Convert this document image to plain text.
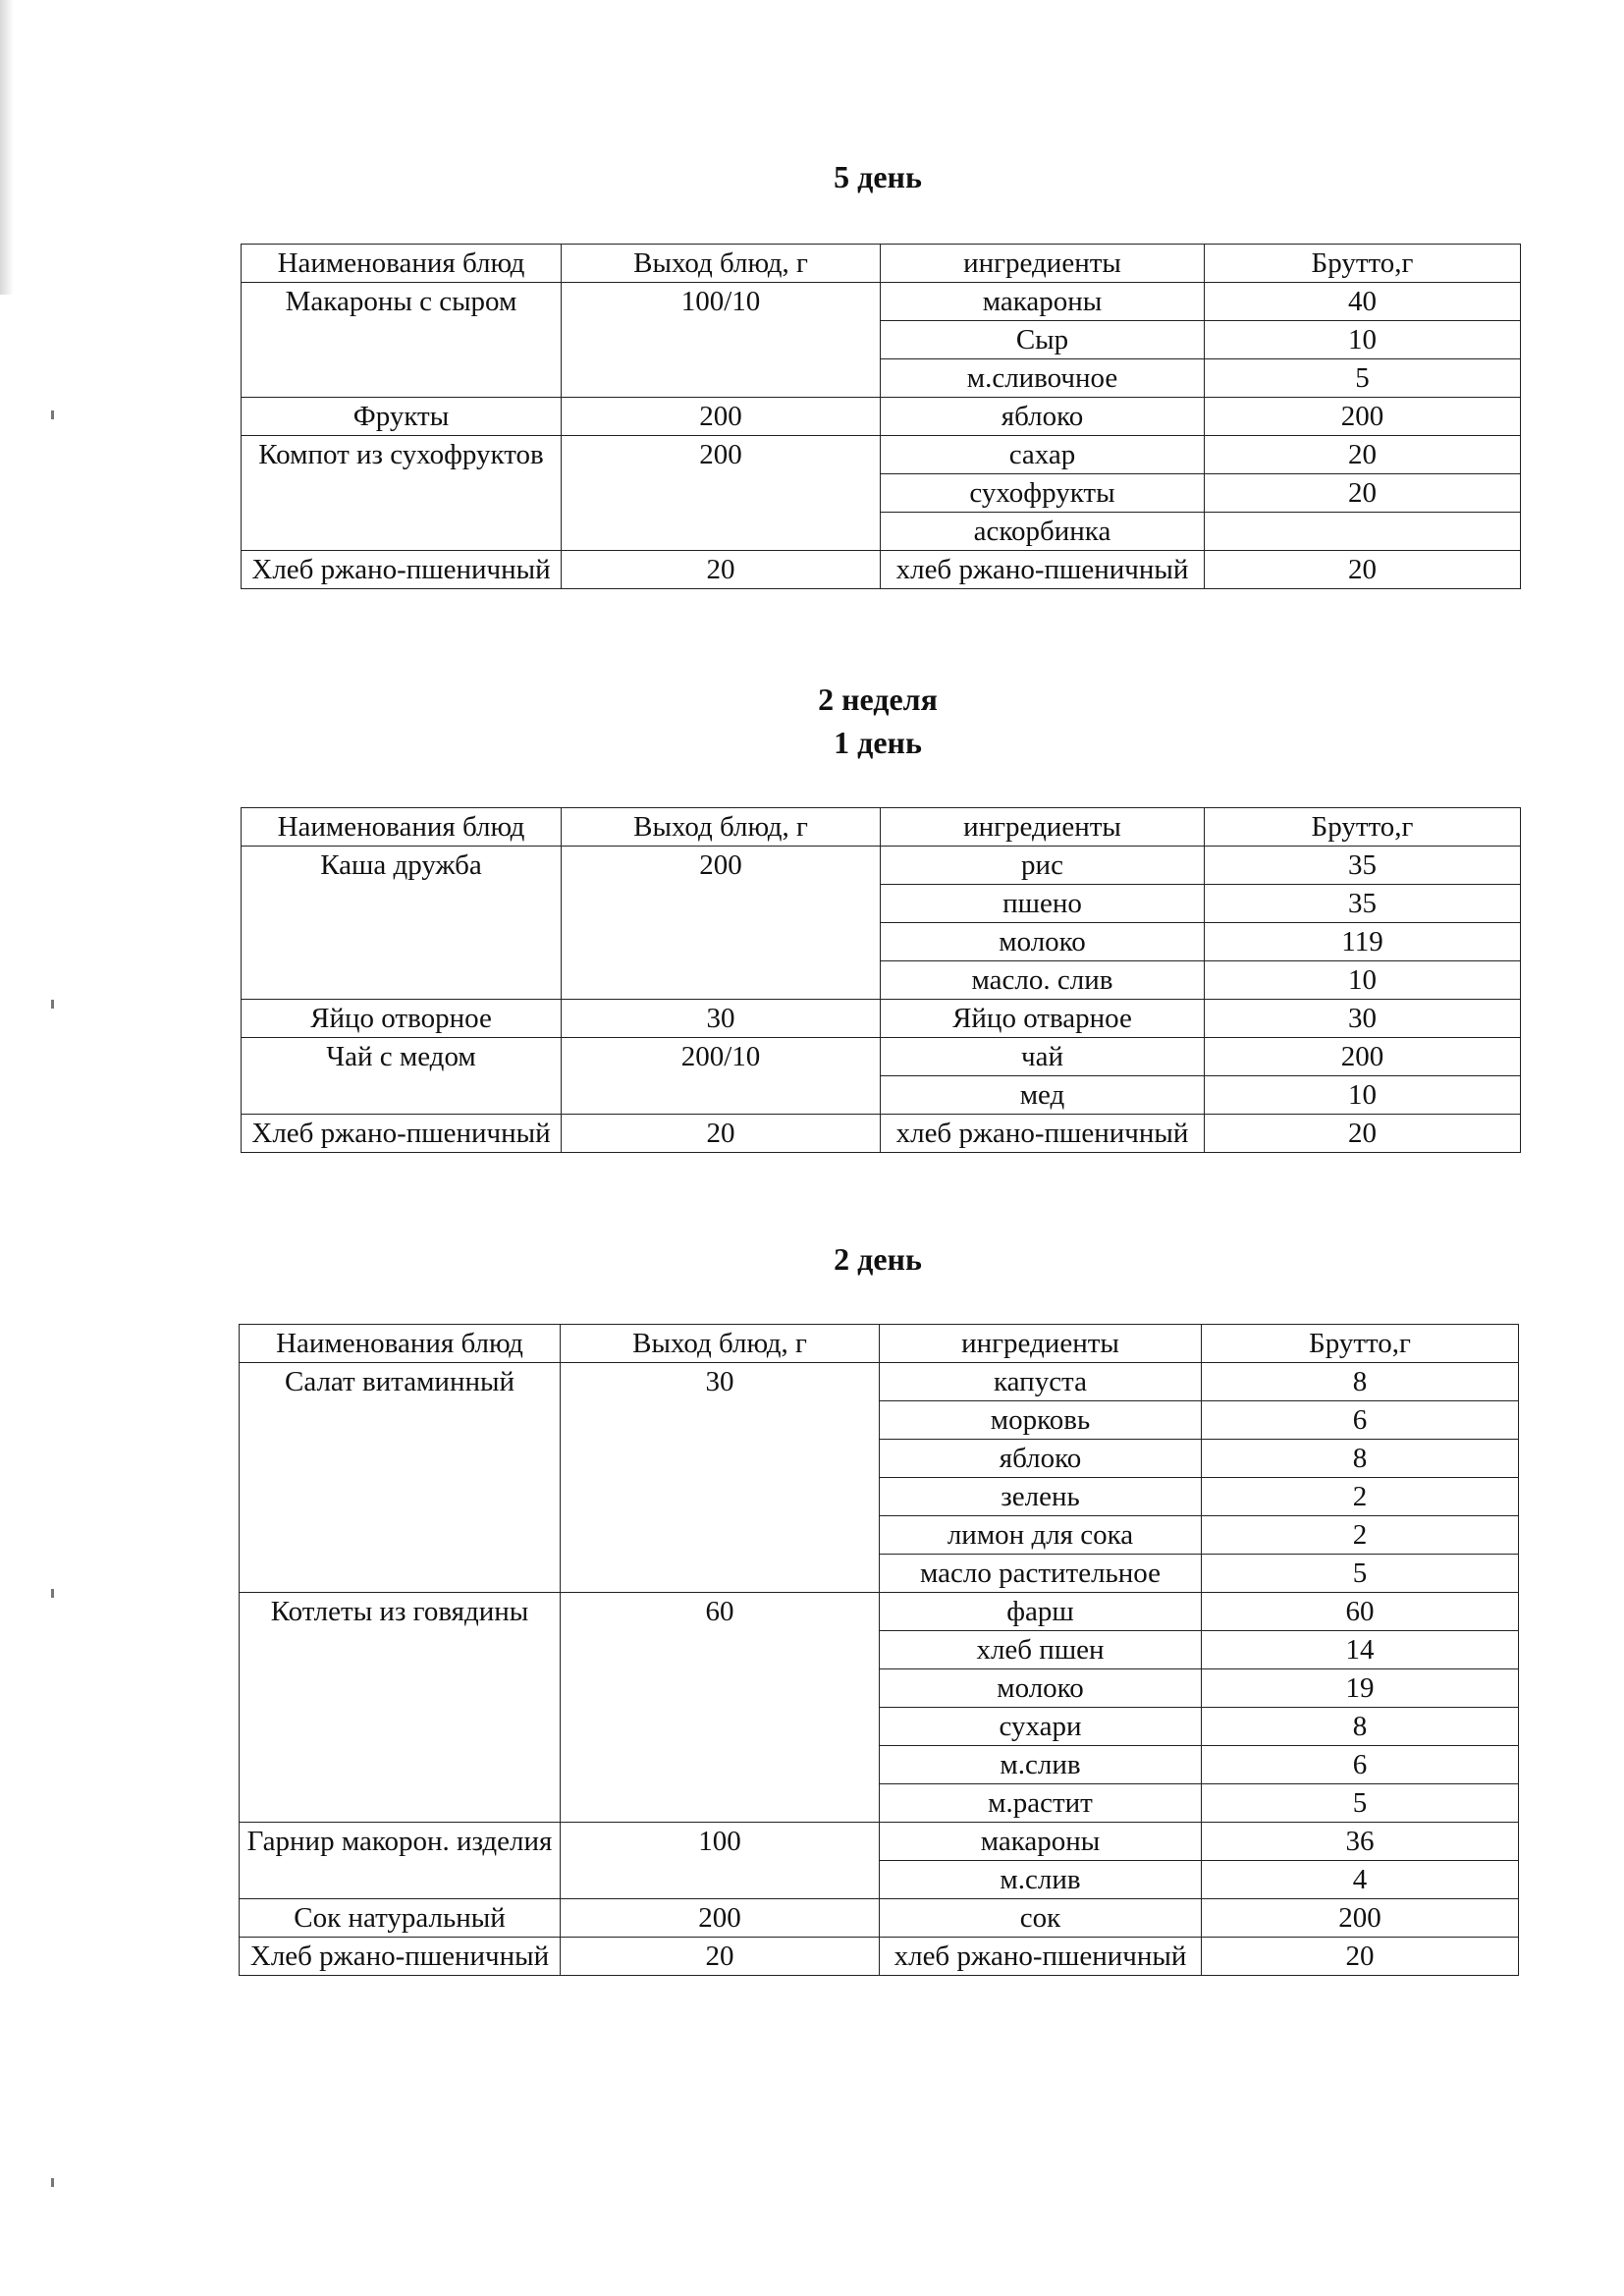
5 день
Наименования блюд	Выход блюд, г	ингредиенты	Брутто,г
Макароны с сыром	100/10	макароны	40
		Сыр	10
		м.сливочное	5
Фрукты	200	яблоко	200
Компот из сухофруктов	200	сахар	20
		сухофрукты	20
		аскорбинка	
Хлеб ржано-пшеничный	20	хлеб ржано-пшеничный	20
2 неделя
1 день
Наименования блюд	Выход блюд, г	ингредиенты	Брутто,г
Каша дружба	200	рис	35
		пшено	35
		молоко	119
		масло. слив	10
Яйцо отворное	30	Яйцо отварное	30
Чай с медом	200/10	чай	200
		мед	10
Хлеб ржано-пшеничный	20	хлеб ржано-пшеничный	20
2 день
Наименования блюд	Выход блюд, г	ингредиенты	Брутто,г
Салат витаминный	30	капуста	8
		морковь	6
		яблоко	8
		зелень	2
		лимон для сока	2
		масло растительное	5
Котлеты из говядины	60	фарш	60
		хлеб пшен	14
		молоко	19
		сухари	8
		м.слив	6
		м.растит	5
Гарнир макорон. изделия	100	макароны	36
		м.слив	4
Сок натуральный	200	сок	200
Хлеб ржано-пшеничный	20	хлеб ржано-пшеничный	20
